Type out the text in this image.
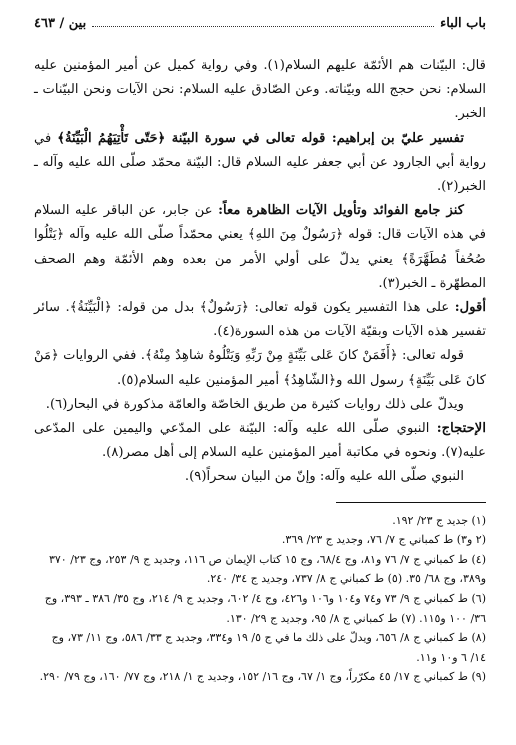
باب الباء
بين / ٤٦٣

قال: البيّنات هم الأئمّة عليهم السلام(١). وفي رواية كميل عن أمير المؤمنين عليه السلام: نحن حجج الله وبيّناته. وعن الصّادق عليه السلام: نحن الآيات ونحن البيّنات ـ الخبر.

تفسير عليّ بن إبراهيم: قوله تعالى في سورة البيّنة ﴿حَتّى تَأْتِيَهُمُ الْبَيِّنَةُ﴾ في رواية أبي الجارود عن أبي جعفر عليه السلام قال: البيّنة محمّد صلّى الله عليه وآله ـ الخبر(٢).

كنز جامع الفوائد وتأويل الآيات الظاهرة معاً: عن جابر، عن الباقر عليه السلام في هذه الآيات قال: قوله ﴿رَسُولٌ مِنَ اللهِ﴾ يعني محمّداً صلّى الله عليه وآله ﴿يَتْلُوا صُحُفاً مُطَهَّرَةً﴾ يعني يدلّ على أولي الأمر من بعده وهم الأئمّة وهم الصحف المطهّرة ـ الخبر(٣).

أقول: على هذا التفسير يكون قوله تعالى: ﴿رَسُولٌ﴾ بدل من قوله: ﴿الْبَيِّنَةُ﴾. سائر تفسير هذه الآيات وبقيّة الآيات من هذه السورة(٤).

قوله تعالى: ﴿أَفَمَنْ كانَ عَلى بَيِّنَةٍ مِنْ رَبِّهِ وَيَتْلُوهُ شاهِدٌ مِنْهُ﴾. ففي الروايات ﴿مَنْ كانَ عَلى بَيِّنَةٍ﴾ رسول الله و﴿الشّاهِدُ﴾ أمير المؤمنين عليه السلام(٥).

ويدلّ على ذلك روايات كثيرة من طريق الخاصّة والعامّة مذكورة في البحار(٦).

الإحتجاج: النبوي صلّى الله عليه وآله: البيّنة على المدّعي واليمين على المدّعى عليه(٧). ونحوه في مكاتبة أمير المؤمنين عليه السلام إلى أهل مصر(٨).

النبوي صلّى الله عليه وآله: وإنّ من البيان سحراً(٩).

(١) جديد ج ٢٣/ ١٩٢.

(٢ و٣) ط كمباني ج ٧/ ٧٦، وجديد ج ٢٣/ ٣٦٩.

(٤) ط كمباني ج ٧/ ٧٦ و٨١، وج ٦٨/٤، وج ١٥ كتاب الإيمان ص ١١٦، وجديد ج ٩/ ٢٥٣، وج ٢٣/ ٣٧٠ و٣٨٩، وج ٦٨/ ٣٥. (٥) ط كمباني ج ٨/ ٧٣٧، وجديد ج ٣٤/ ٢٤٠.

(٦) ط كمباني ج ٩/ ٧٣ و٧٤ و١٠٤ و١٠٦ و٤٢٦، وج ٤/ ٦٠٢، وجديد ج ٩/ ٢١٤، وج ٣٥/ ٣٨٦ ـ ٣٩٣، وج ٣٦/ ١٠٠ و١١٥. (٧) ط كمباني ج ٨/ ٩٥، وجديد ج ٢٩/ ١٣٠.

(٨) ط كمباني ج ٨/ ٦٥٦، ويدلّ على ذلك ما في ج ٥/ ١٩ و٣٣٤، وجديد ج ٣٣/ ٥٨٦، وج ١١/ ٧٣، وج ١٤/ ٦ و١٠ و١١.

(٩) ط كمباني ج ١٧/ ٤٥ مكرّراً، وج ١/ ٦٧، وج ١٦/ ١٥٢، وجديد ج ١/ ٢١٨، وج ٧٧/ ١٦٠، وج ٧٩/ ٢٩٠.
